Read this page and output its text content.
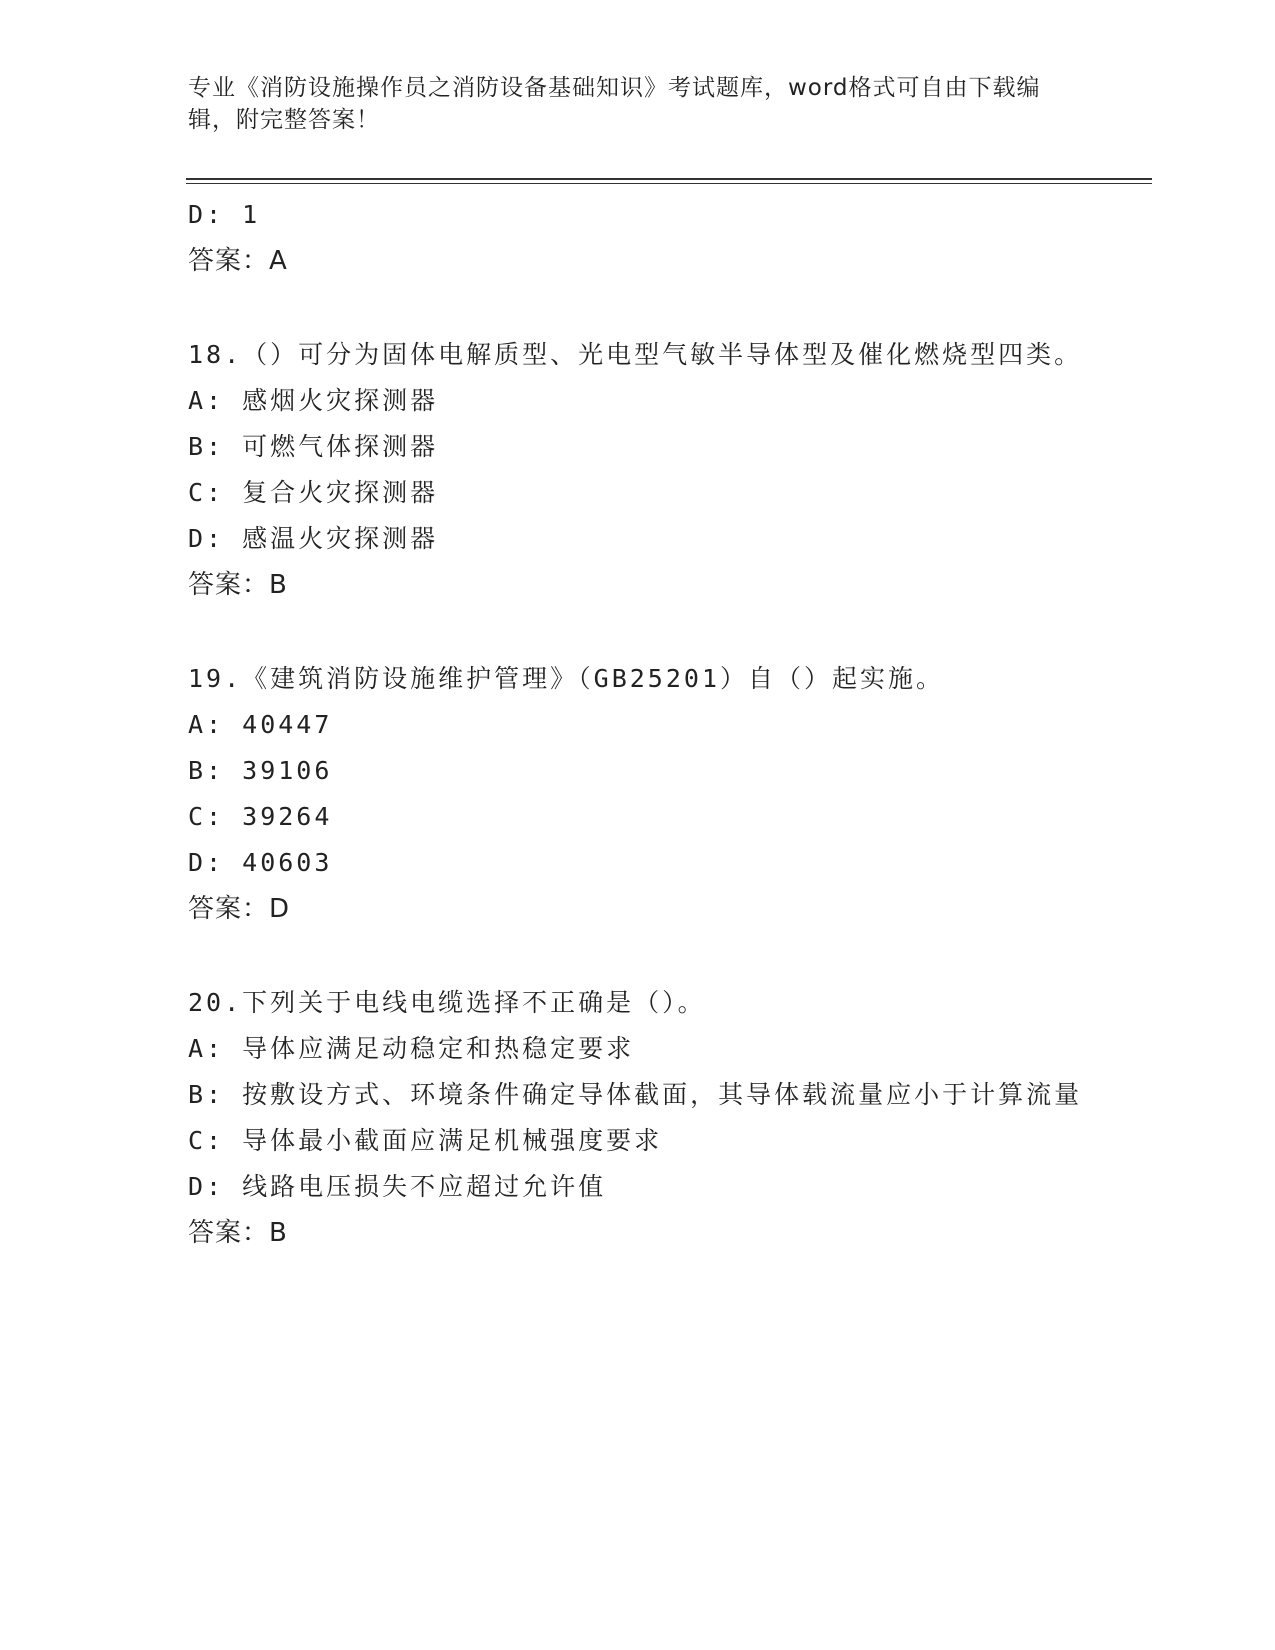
专业《消防设施操作员之消防设备基础知识》考试题库，word格式可自由下载编辑，附完整答案！
D: 1
答案：A
18.（）可分为固体电解质型、光电型气敏半导体型及催化燃烧型四类。
A: 感烟火灾探测器
B: 可燃气体探测器
C: 复合火灾探测器
D: 感温火灾探测器
答案：B
19.《建筑消防设施维护管理》（GB25201）自（）起实施。
A: 40447
B: 39106
C: 39264
D: 40603
答案：D
20.下列关于电线电缆选择不正确是（）。
A: 导体应满足动稳定和热稳定要求
B: 按敷设方式、环境条件确定导体截面，其导体载流量应小于计算流量
C: 导体最小截面应满足机械强度要求
D: 线路电压损失不应超过允许值
答案：B
